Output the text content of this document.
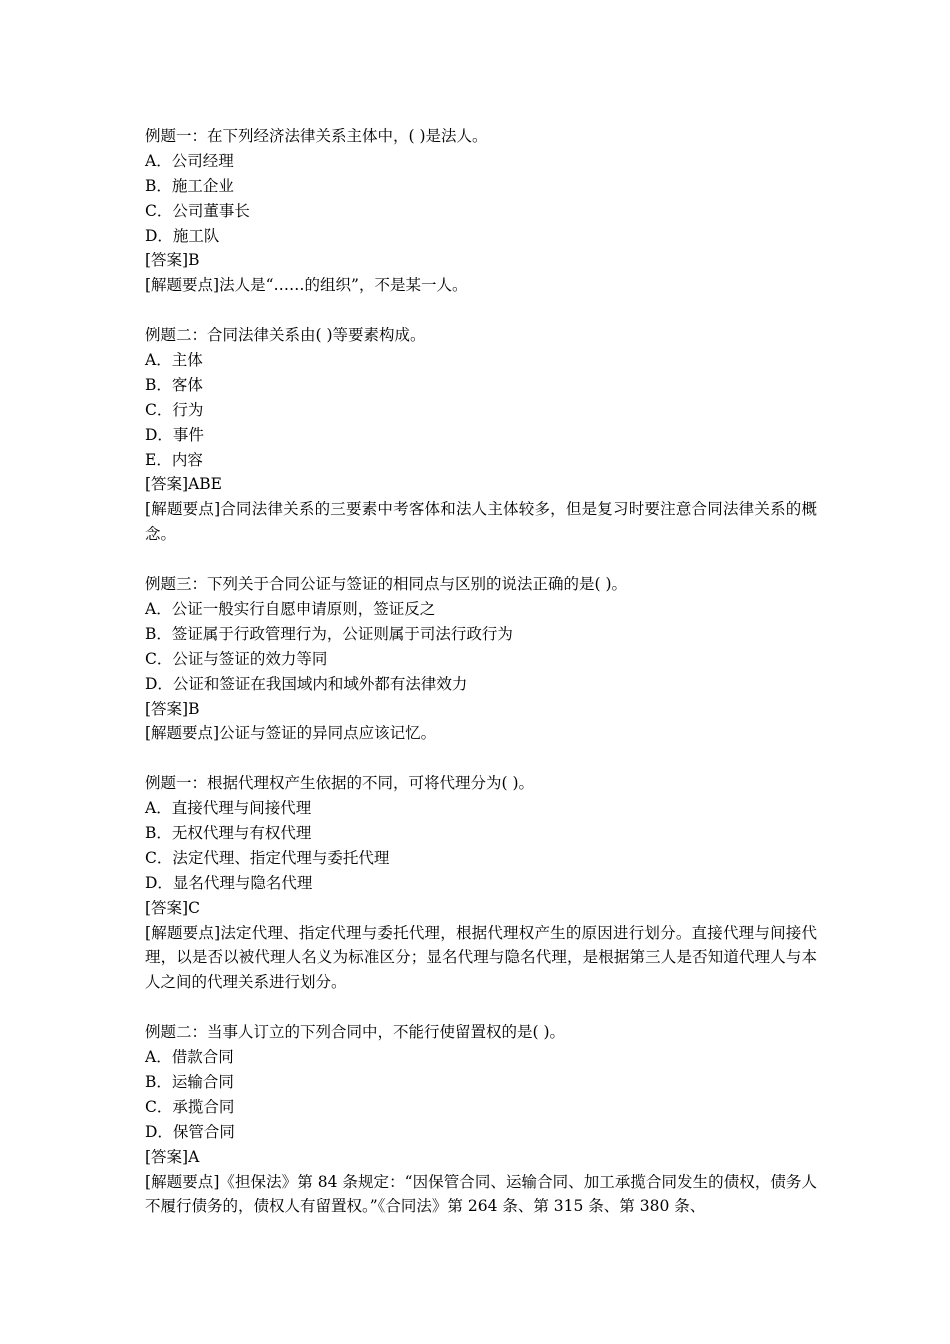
例题一：在下列经济法律关系主体中，( )是法人。
A．公司经理
B．施工企业
C．公司董事长
D．施工队
[答案]B
[解题要点]法人是“……的组织”，不是某一人。
例题二：合同法律关系由( )等要素构成。
A．主体
B．客体
C．行为
D．事件
E．内容
[答案]ABE
[解题要点]合同法律关系的三要素中考客体和法人主体较多，但是复习时要注意合同法律关系的概念。
例题三：下列关于合同公证与签证的相同点与区别的说法正确的是( )。
A．公证一般实行自愿申请原则，签证反之
B．签证属于行政管理行为，公证则属于司法行政行为
C．公证与签证的效力等同
D．公证和签证在我国域内和域外都有法律效力
[答案]B
[解题要点]公证与签证的异同点应该记忆。
例题一：根据代理权产生依据的不同，可将代理分为( )。
A．直接代理与间接代理
B．无权代理与有权代理
C．法定代理、指定代理与委托代理
D．显名代理与隐名代理
[答案]C
[解题要点]法定代理、指定代理与委托代理，根据代理权产生的原因进行划分。直接代理与间接代理，以是否以被代理人名义为标准区分；显名代理与隐名代理，是根据第三人是否知道代理人与本人之间的代理关系进行划分。
例题二：当事人订立的下列合同中，不能行使留置权的是( )。
A．借款合同
B．运输合同
C．承揽合同
D．保管合同
[答案]A
[解题要点]《担保法》第 84 条规定：“因保管合同、运输合同、加工承揽合同发生的债权，债务人不履行债务的，债权人有留置权。”《合同法》第 264 条、第 315 条、第 380 条、
